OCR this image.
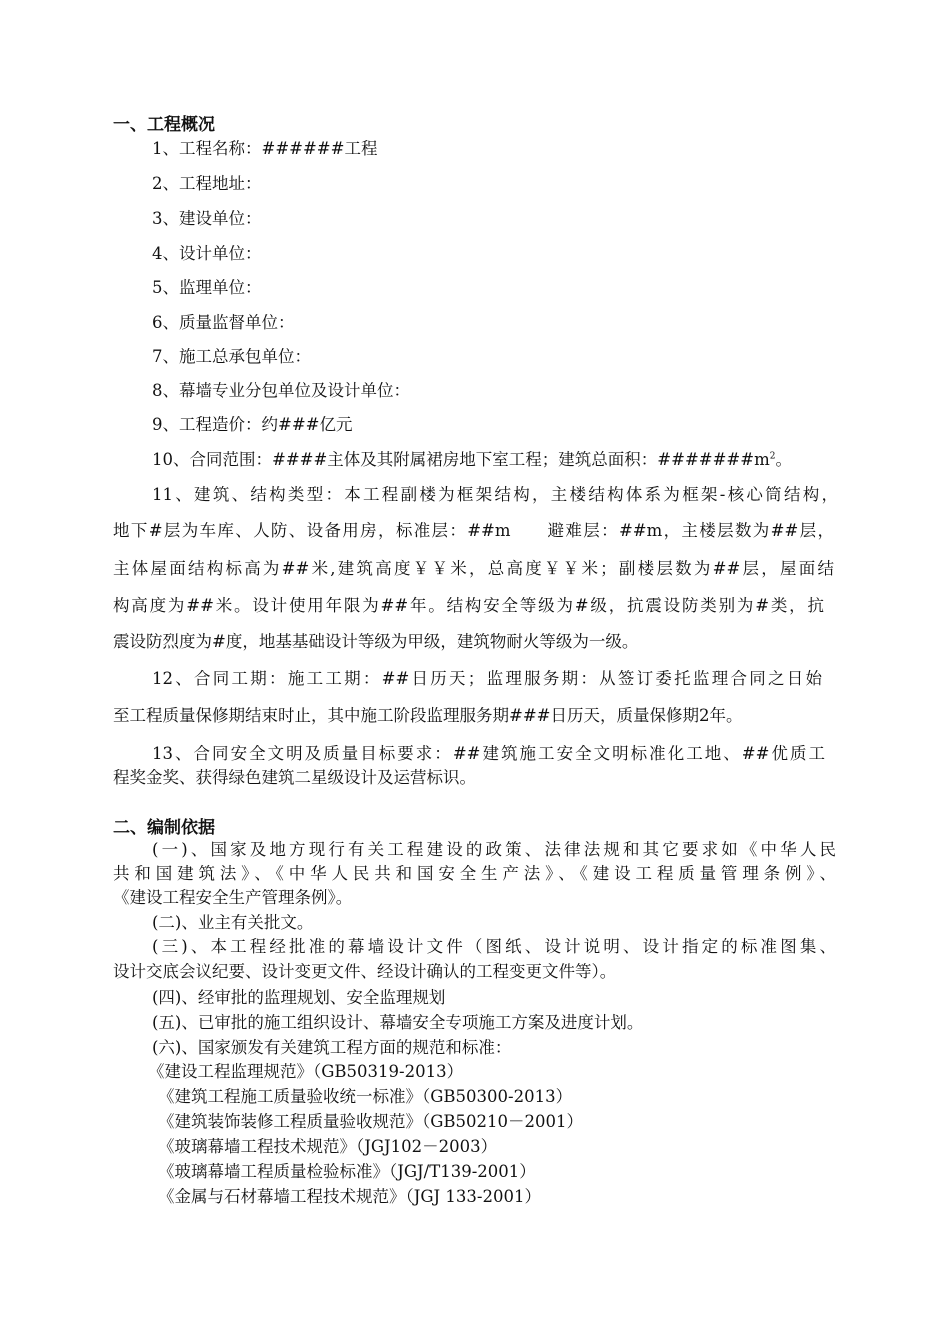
一、工程概况
1、工程名称：######工程
2、工程地址：
3、建设单位：
4、设计单位：
5、监理单位：
6、质量监督单位：
7、施工总承包单位：
8、幕墙专业分包单位及设计单位：
9、工程造价：约###亿元
10、合同范围：####主体及其附属裙房地下室工程；建筑总面积：$\#\#\#\#\#\#\#m^2$。
11、建筑、结构类型：本工程副楼为框架结构，主楼结构体系为框架-核心筒结构，
地下#层为车库、人防、设备用房，标准层：##m　　避难层：##m，主楼层数为##层，
主体屋面结构标高为##米,建筑高度￥￥米，总高度￥￥米；副楼层数为##层，屋面结
构高度为##米。设计使用年限为##年。结构安全等级为#级，抗震设防类别为#类，抗
震设防烈度为#度，地基基础设计等级为甲级，建筑物耐火等级为一级。
12、合同工期：施工工期：##日历天；监理服务期：从签订委托监理合同之日始
至工程质量保修期结束时止，其中施工阶段监理服务期###日历天，质量保修期2年。
13、合同安全文明及质量目标要求：##建筑施工安全文明标准化工地、##优质工
程奖金奖、获得绿色建筑二星级设计及运营标识。
二、编制依据
(一)、国家及地方现行有关工程建设的政策、法律法规和其它要求如《中华人民
共和国建筑法》、《中华人民共和国安全生产法》、《建设工程质量管理条例》、
《建设工程安全生产管理条例》。
(二)、业主有关批文。
(三)、本工程经批准的幕墙设计文件（图纸、设计说明、设计指定的标准图集、
设计交底会议纪要、设计变更文件、经设计确认的工程变更文件等）。
(四)、经审批的监理规划、安全监理规划
(五)、已审批的施工组织设计、幕墙安全专项施工方案及进度计划。
(六)、国家颁发有关建筑工程方面的规范和标准：
《建设工程监理规范》（GB50319-2013）
《建筑工程施工质量验收统一标准》（GB50300-2013）
《建筑装饰装修工程质量验收规范》（GB50210－2001）
《玻璃幕墙工程技术规范》（JGJ102－2003）
《玻璃幕墙工程质量检验标准》（JGJ/T139-2001）
《金属与石材幕墙工程技术规范》（JGJ 133-2001）
